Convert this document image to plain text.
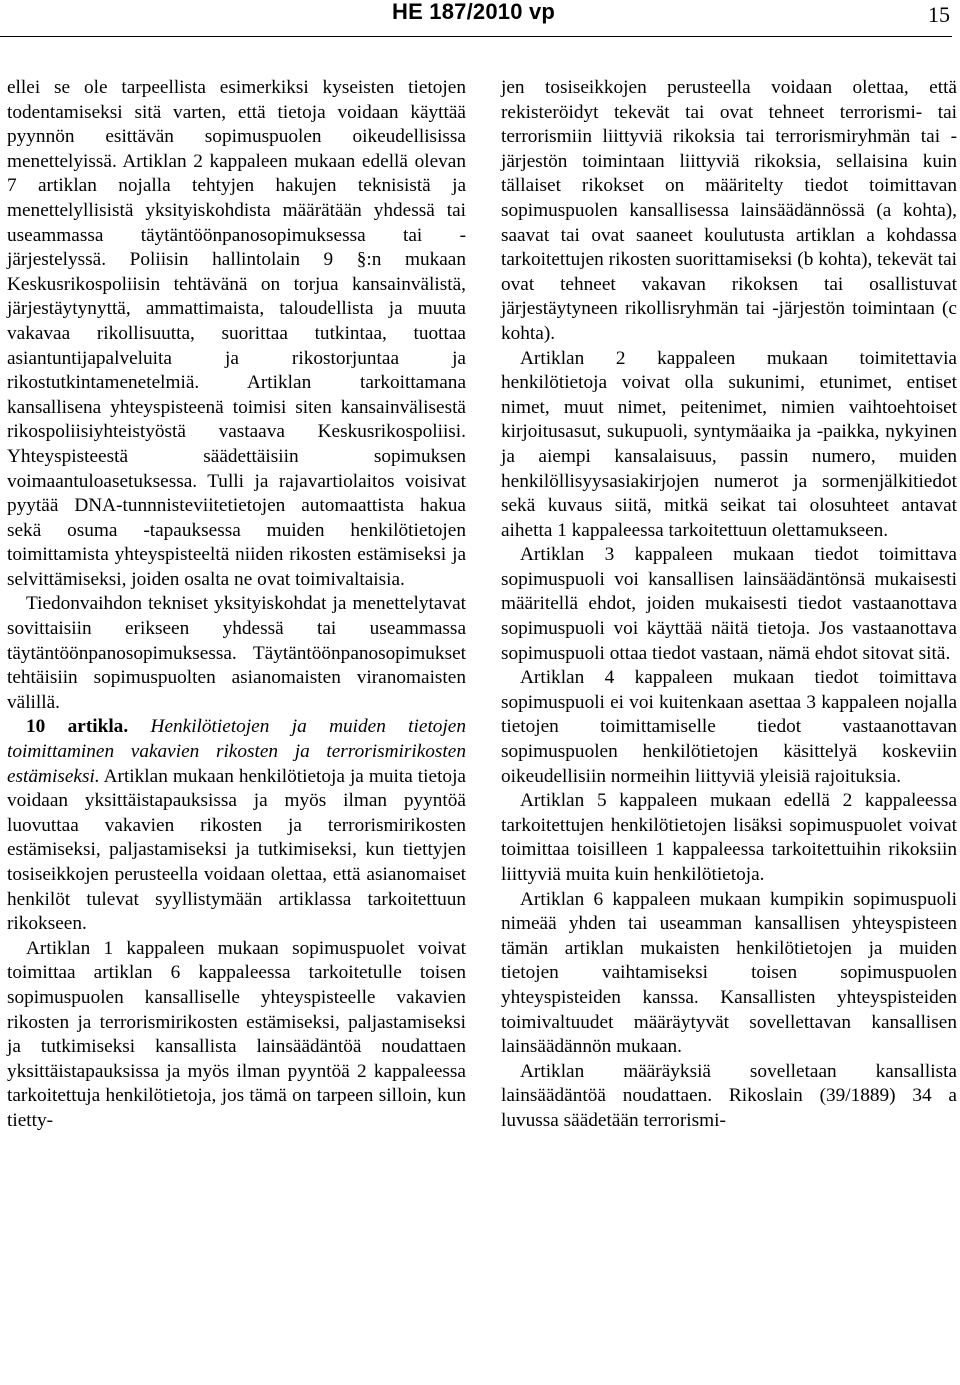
HE 187/2010 vp	15

ellei se ole tarpeellista esimerkiksi kyseisten tietojen todentamiseksi sitä varten, että tietoja voidaan käyttää pyynnön esittävän sopimuspuolen oikeudellisissa menettelyissä. Artiklan 2 kappaleen mukaan edellä olevan 7 artiklan nojalla tehtyjen hakujen teknisistä ja menettelyllisistä yksityiskohdista määrätään yhdessä tai useammassa täytäntöönpanosopimuksessa tai -järjestelyssä. Poliisin hallintolain 9 §:n mukaan Keskusrikospoliisin tehtävänä on torjua kansainvälistä, järjestäytynyttä, ammattimaista, taloudellista ja muuta vakavaa rikollisuutta, suorittaa tutkintaa, tuottaa asiantuntijapalveluita ja rikostorjuntaa ja rikostutkintamenetelmiä. Artiklan tarkoittamana kansallisena yhteyspisteenä toimisi siten kansainvälisestä rikospoliisiyhteistyöstä vastaava Keskusrikospoliisi. Yhteyspisteestä säädettäisiin sopimuksen voimaantuloasetuksessa. Tulli ja rajavartiolaitos voisivat pyytää DNA-tunnnisteviitetietojen automaattista hakua sekä osuma -tapauksessa muiden henkilötietojen toimittamista yhteyspisteeltä niiden rikosten estämiseksi ja selvittämiseksi, joiden osalta ne ovat toimivaltaisia.

Tiedonvaihdon tekniset yksityiskohdat ja menettelytavat sovittaisiin erikseen yhdessä tai useammassa täytäntöönpanosopimuksessa. Täytäntöönpanosopimukset tehtäisiin sopimuspuolten asianomaisten viranomaisten välillä.

10 artikla. Henkilötietojen ja muiden tietojen toimittaminen vakavien rikosten ja terrorismirikosten estämiseksi. Artiklan mukaan henkilötietoja ja muita tietoja voidaan yksittäistapauksissa ja myös ilman pyyntöä luovuttaa vakavien rikosten ja terrorismirikosten estämiseksi, paljastamiseksi ja tutkimiseksi, kun tiettyjen tosiseikkojen perusteella voidaan olettaa, että asianomaiset henkilöt tulevat syyllistymään artiklassa tarkoitettuun rikokseen.

Artiklan 1 kappaleen mukaan sopimuspuolet voivat toimittaa artiklan 6 kappaleessa tarkoitetulle toisen sopimuspuolen kansalliselle yhteyspisteelle vakavien rikosten ja terrorismirikosten estämiseksi, paljastamiseksi ja tutkimiseksi kansallista lainsäädäntöä noudattaen yksittäistapauksissa ja myös ilman pyyntöä 2 kappaleessa tarkoitettuja henkilötietoja, jos tämä on tarpeen silloin, kun tietty-

jen tosiseikkojen perusteella voidaan olettaa, että rekisteröidyt tekevät tai ovat tehneet terrorismi- tai terrorismiin liittyviä rikoksia tai terrorismiryhmän tai -järjestön toimintaan liittyviä rikoksia, sellaisina kuin tällaiset rikokset on määritelty tiedot toimittavan sopimuspuolen kansallisessa lainsäädännössä (a kohta), saavat tai ovat saaneet koulutusta artiklan a kohdassa tarkoitettujen rikosten suorittamiseksi (b kohta), tekevät tai ovat tehneet vakavan rikoksen tai osallistuvat järjestäytyneen rikollisryhmän tai -järjestön toimintaan (c kohta).

Artiklan 2 kappaleen mukaan toimitettavia henkilötietoja voivat olla sukunimi, etunimet, entiset nimet, muut nimet, peitenimet, nimien vaihtoehtoiset kirjoitusasut, sukupuoli, syntymäaika ja -paikka, nykyinen ja aiempi kansalaisuus, passin numero, muiden henkilöllisyysasiakirjojen numerot ja sormenjälkitiedot sekä kuvaus siitä, mitkä seikat tai olosuhteet antavat aihetta 1 kappaleessa tarkoitettuun olettamukseen.

Artiklan 3 kappaleen mukaan tiedot toimittava sopimuspuoli voi kansallisen lainsäädäntönsä mukaisesti määritellä ehdot, joiden mukaisesti tiedot vastaanottava sopimuspuoli voi käyttää näitä tietoja. Jos vastaanottava sopimuspuoli ottaa tiedot vastaan, nämä ehdot sitovat sitä.

Artiklan 4 kappaleen mukaan tiedot toimittava sopimuspuoli ei voi kuitenkaan asettaa 3 kappaleen nojalla tietojen toimittamiselle tiedot vastaanottavan sopimuspuolen henkilötietojen käsittelyä koskeviin oikeudellisiin normeihin liittyviä yleisiä rajoituksia.

Artiklan 5 kappaleen mukaan edellä 2 kappaleessa tarkoitettujen henkilötietojen lisäksi sopimuspuolet voivat toimittaa toisilleen 1 kappaleessa tarkoitettuihin rikoksiin liittyviä muita kuin henkilötietoja.

Artiklan 6 kappaleen mukaan kumpikin sopimuspuoli nimeää yhden tai useamman kansallisen yhteyspisteen tämän artiklan mukaisten henkilötietojen ja muiden tietojen vaihtamiseksi toisen sopimuspuolen yhteyspisteiden kanssa. Kansallisten yhteyspisteiden toimivaltuudet määräytyvät sovellettavan kansallisen lainsäädännön mukaan.

Artiklan määräyksiä sovelletaan kansallista lainsäädäntöä noudattaen. Rikoslain (39/1889) 34 a luvussa säädetään terrorismi-
